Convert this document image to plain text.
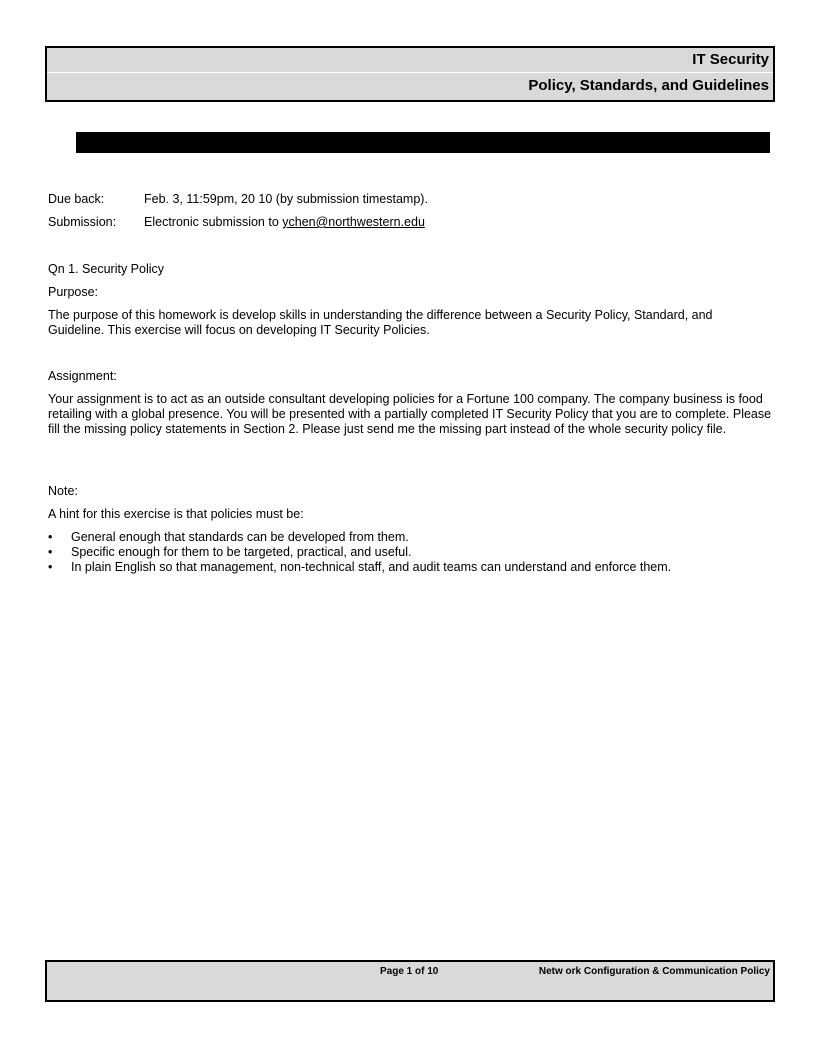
IT Security
Policy, Standards, and Guidelines
Due back:	Feb. 3, 11:59pm, 20 10 (by submission timestamp).
Submission: Electronic submission to ychen@northwestern.edu
Qn 1. Security Policy
Purpose:
The purpose of this homework is develop skills in understanding the difference between a Security Policy, Standard, and Guideline. This exercise will focus on developing IT Security Policies.
Assignment:
Your assignment is to act as an outside consultant developing policies for a Fortune 100 company. The company business is food retailing with a global presence. You will be presented with a partially completed IT Security Policy that you are to complete. Please fill the missing policy statements in Section 2. Please just send me the missing part instead of the whole security policy file.
Note:
A hint for this exercise is that policies must be:
• General enough that standards can be developed from them.
• Specific enough for them to be targeted, practical, and useful.
• In plain English so that management, non-technical staff, and audit teams can understand and enforce them.
Page 1 of 10	Netw ork Configuration & Communication Policy
